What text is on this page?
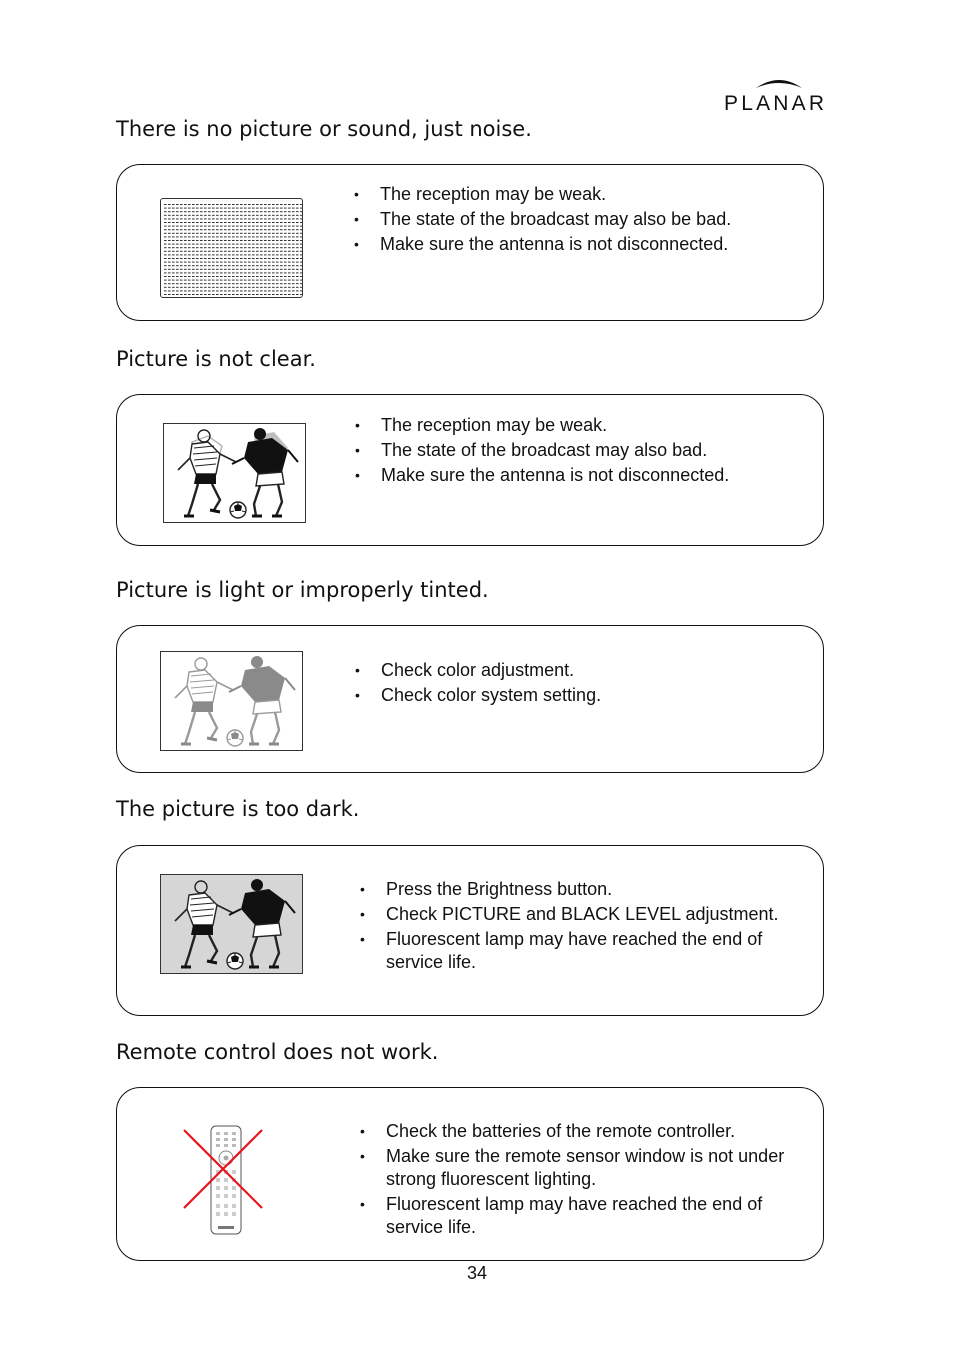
PLANAR
There is no picture or sound, just noise.
• The reception may be weak.
• The state of the broadcast may also be bad.
• Make sure the antenna is not disconnected.
Picture is not clear.
• The reception may be weak.
• The state of the broadcast may also bad.
• Make sure the antenna is not disconnected.
Picture is light or improperly tinted.
• Check color adjustment.
• Check color system setting.
The picture is too dark.
• Press the Brightness button.
• Check PICTURE and BLACK LEVEL adjustment.
• Fluorescent lamp may have reached the end of service life.
Remote control does not work.
• Check the batteries of the remote controller.
• Make sure the remote sensor window is not under strong fluorescent lighting.
• Fluorescent lamp may have reached the end of service life.
34
